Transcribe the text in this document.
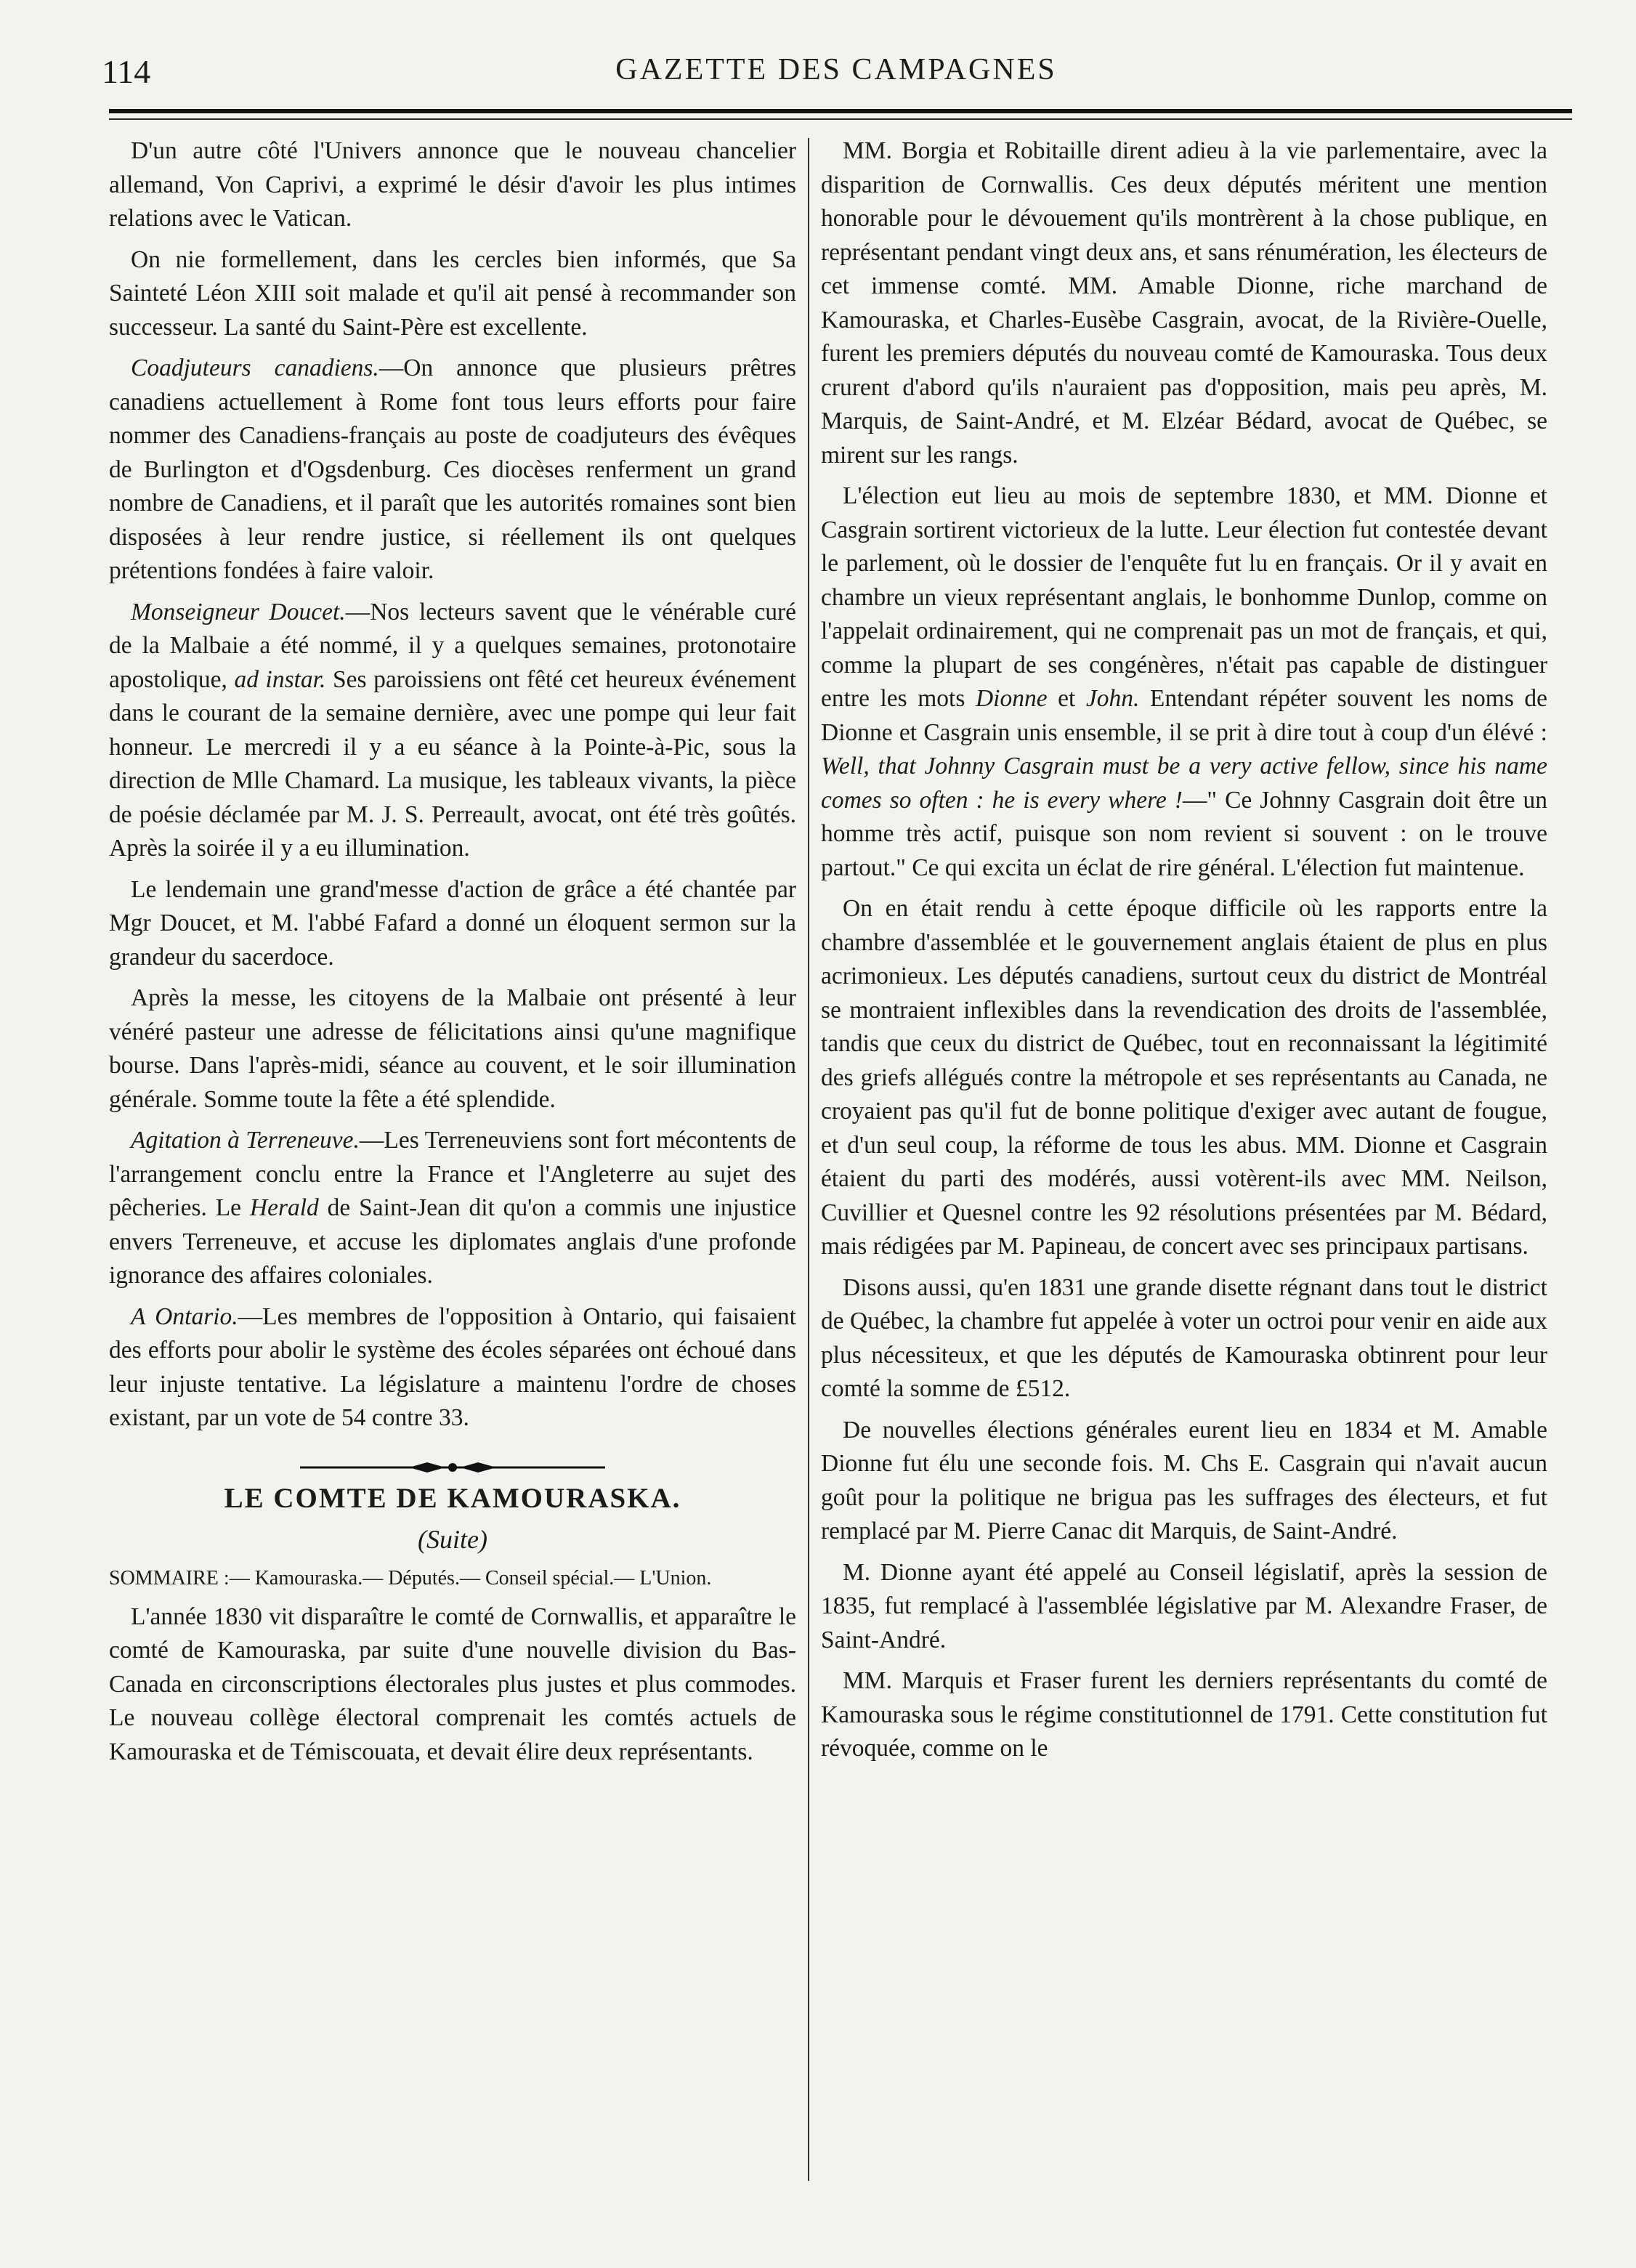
114	GAZETTE DES CAMPAGNES

D'un autre côté l'Univers annonce que le nouveau chancelier allemand, Von Caprivi, a exprimé le désir d'avoir les plus intimes relations avec le Vatican.

On nie formellement, dans les cercles bien informés, que Sa Sainteté Léon XIII soit malade et qu'il ait pensé à recommander son successeur. La santé du Saint-Père est excellente.

Coadjuteurs canadiens.—On annonce que plusieurs prêtres canadiens actuellement à Rome font tous leurs efforts pour faire nommer des Canadiens-français au poste de coadjuteurs des évêques de Burlington et d'Ogsdenburg. Ces diocèses renferment un grand nombre de Canadiens, et il paraît que les autorités romaines sont bien disposées à leur rendre justice, si réellement ils ont quelques prétentions fondées à faire valoir.

Monseigneur Doucet.—Nos lecteurs savent que le vénérable curé de la Malbaie a été nommé, il y a quelques semaines, protonotaire apostolique, ad instar. Ses paroissiens ont fêté cet heureux événement dans le courant de la semaine dernière, avec une pompe qui leur fait honneur. Le mercredi il y a eu séance à la Pointe-à-Pic, sous la direction de Mlle Chamard. La musique, les tableaux vivants, la pièce de poésie déclamée par M. J. S. Perreault, avocat, ont été très goûtés. Après la soirée il y a eu illumination.

Le lendemain une grand'messe d'action de grâce a été chantée par Mgr Doucet, et M. l'abbé Fafard a donné un éloquent sermon sur la grandeur du sacerdoce.

Après la messe, les citoyens de la Malbaie ont présenté à leur vénéré pasteur une adresse de félicitations ainsi qu'une magnifique bourse. Dans l'après-midi, séance au couvent, et le soir illumination générale. Somme toute la fête a été splendide.

Agitation à Terreneuve.—Les Terreneuviens sont fort mécontents de l'arrangement conclu entre la France et l'Angleterre au sujet des pêcheries. Le Herald de Saint-Jean dit qu'on a commis une injustice envers Terreneuve, et accuse les diplomates anglais d'une profonde ignorance des affaires coloniales.

A Ontario.—Les membres de l'opposition à Ontario, qui faisaient des efforts pour abolir le système des écoles séparées ont échoué dans leur injuste tentative. La législature a maintenu l'ordre de choses existant, par un vote de 54 contre 33.

LE COMTE DE KAMOURASKA.

(Suite)

SOMMAIRE :— Kamouraska.— Députés.— Conseil spécial.— L'Union.

L'année 1830 vit disparaître le comté de Cornwallis, et apparaître le comté de Kamouraska, par suite d'une nouvelle division du Bas-Canada en circonscriptions électorales plus justes et plus commodes. Le nouveau collège électoral comprenait les comtés actuels de Kamouraska et de Témiscouata, et devait élire deux représentants.

MM. Borgia et Robitaille dirent adieu à la vie parlementaire, avec la disparition de Cornwallis. Ces deux députés méritent une mention honorable pour le dévouement qu'ils montrèrent à la chose publique, en représentant pendant vingt deux ans, et sans rénumération, les électeurs de cet immense comté. MM. Amable Dionne, riche marchand de Kamouraska, et Charles-Eusèbe Casgrain, avocat, de la Rivière-Ouelle, furent les premiers députés du nouveau comté de Kamouraska. Tous deux crurent d'abord qu'ils n'auraient pas d'opposition, mais peu après, M. Marquis, de Saint-André, et M. Elzéar Bédard, avocat de Québec, se mirent sur les rangs.

L'élection eut lieu au mois de septembre 1830, et MM. Dionne et Casgrain sortirent victorieux de la lutte. Leur élection fut contestée devant le parlement, où le dossier de l'enquête fut lu en français. Or il y avait en chambre un vieux représentant anglais, le bonhomme Dunlop, comme on l'appelait ordinairement, qui ne comprenait pas un mot de français, et qui, comme la plupart de ses congénères, n'était pas capable de distinguer entre les mots Dionne et John. Entendant répéter souvent les noms de Dionne et Casgrain unis ensemble, il se prit à dire tout à coup d'un élévé : Well, that Johnny Casgrain must be a very active fellow, since his name comes so often : he is every where !—" Ce Johnny Casgrain doit être un homme très actif, puisque son nom revient si souvent : on le trouve partout." Ce qui excita un éclat de rire général. L'élection fut maintenue.

On en était rendu à cette époque difficile où les rapports entre la chambre d'assemblée et le gouvernement anglais étaient de plus en plus acrimonieux. Les députés canadiens, surtout ceux du district de Montréal se montraient inflexibles dans la revendication des droits de l'assemblée, tandis que ceux du district de Québec, tout en reconnaissant la légitimité des griefs allégués contre la métropole et ses représentants au Canada, ne croyaient pas qu'il fut de bonne politique d'exiger avec autant de fougue, et d'un seul coup, la réforme de tous les abus. MM. Dionne et Casgrain étaient du parti des modérés, aussi votèrent-ils avec MM. Neilson, Cuvillier et Quesnel contre les 92 résolutions présentées par M. Bédard, mais rédigées par M. Papineau, de concert avec ses principaux partisans.

Disons aussi, qu'en 1831 une grande disette régnant dans tout le district de Québec, la chambre fut appelée à voter un octroi pour venir en aide aux plus nécessiteux, et que les députés de Kamouraska obtinrent pour leur comté la somme de £512.

De nouvelles élections générales eurent lieu en 1834 et M. Amable Dionne fut élu une seconde fois. M. Chs E. Casgrain qui n'avait aucun goût pour la politique ne brigua pas les suffrages des électeurs, et fut remplacé par M. Pierre Canac dit Marquis, de Saint-André.

M. Dionne ayant été appelé au Conseil législatif, après la session de 1835, fut remplacé à l'assemblée législative par M. Alexandre Fraser, de Saint-André.

MM. Marquis et Fraser furent les derniers représentants du comté de Kamouraska sous le régime constitutionnel de 1791. Cette constitution fut révoquée, comme on le
